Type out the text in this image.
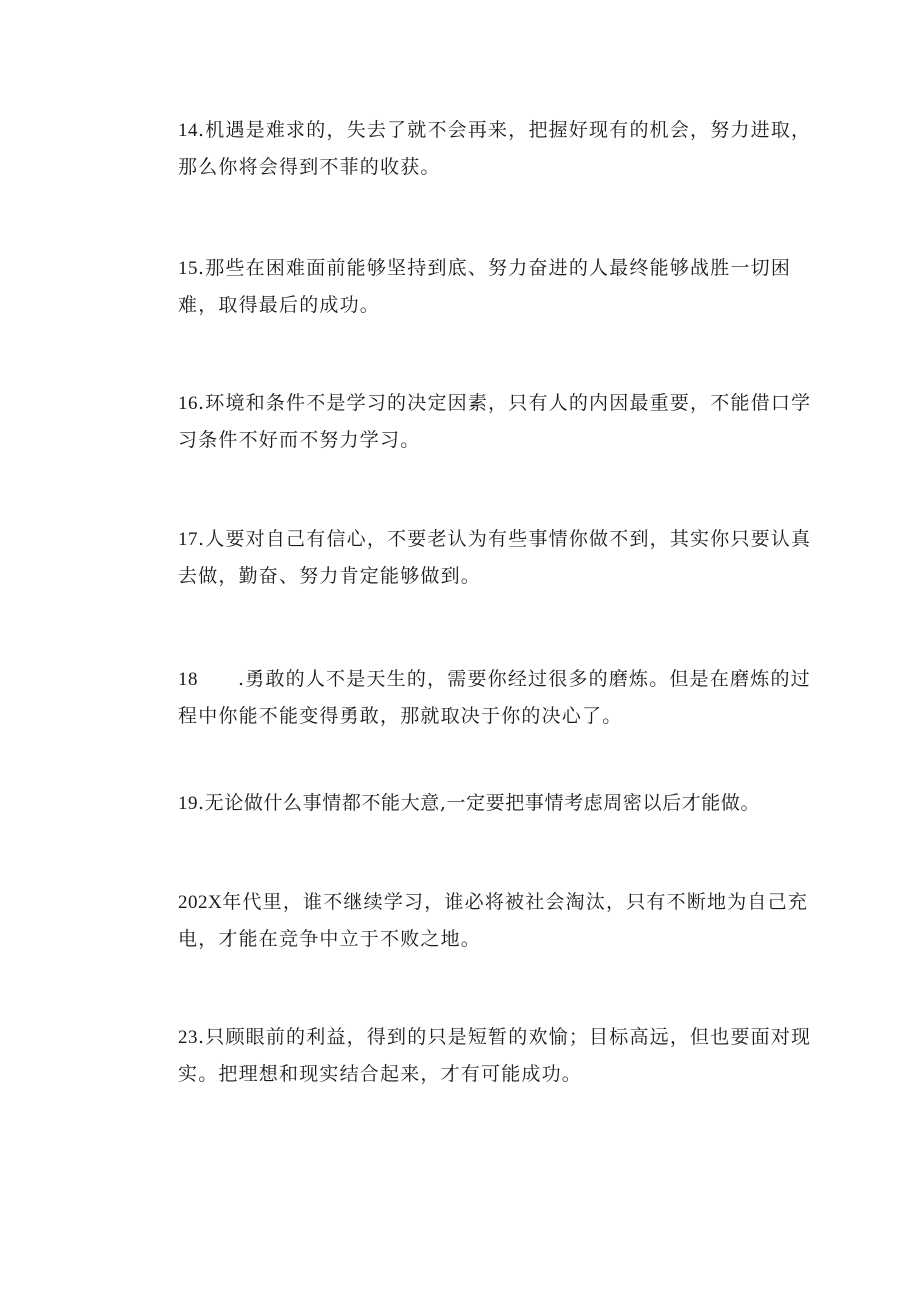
14.机遇是难求的，失去了就不会再来，把握好现有的机会，努力进取，那么你将会得到不菲的收获。

15.那些在困难面前能够坚持到底、努力奋进的人最终能够战胜一切困难，取得最后的成功。

16.环境和条件不是学习的决定因素，只有人的内因最重要，不能借口学习条件不好而不努力学习。

17.人要对自己有信心，不要老认为有些事情你做不到，其实你只要认真去做，勤奋、努力肯定能够做到。

18 .勇敢的人不是天生的，需要你经过很多的磨炼。但是在磨炼的过程中你能不能变得勇敢，那就取决于你的决心了。

19.无论做什么事情都不能大意,一定要把事情考虑周密以后才能做。

202X年代里，谁不继续学习，谁必将被社会淘汰，只有不断地为自己充电，才能在竞争中立于不败之地。

23.只顾眼前的利益，得到的只是短暂的欢愉；目标高远，但也要面对现实。把理想和现实结合起来，才有可能成功。
